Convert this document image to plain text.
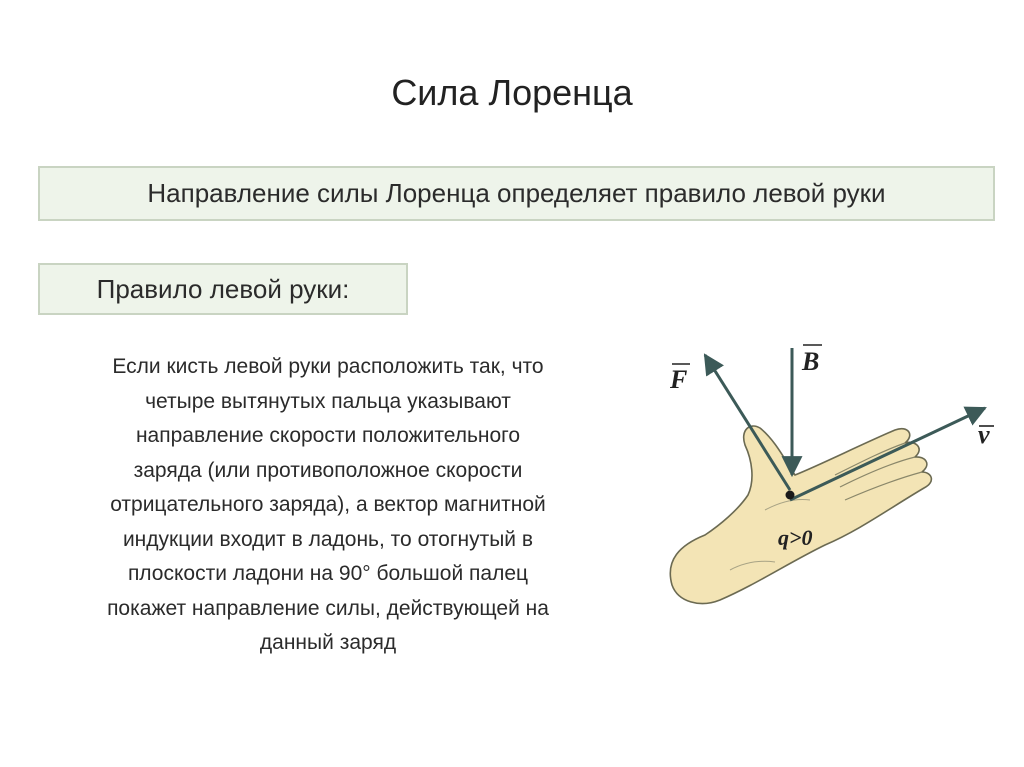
Сила Лоренца
Направление силы Лоренца определяет правило левой руки
Правило левой руки:
Если кисть левой руки расположить так, что
четыре вытянутых пальца указывают
направление скорости положительного
заряда (или противоположное скорости
отрицательного заряда), а вектор магнитной
индукции входит в ладонь, то отогнутый в
плоскости ладони на 90° большой палец
покажет направление силы, действующей на
данный заряд
F
B
v
q>0
